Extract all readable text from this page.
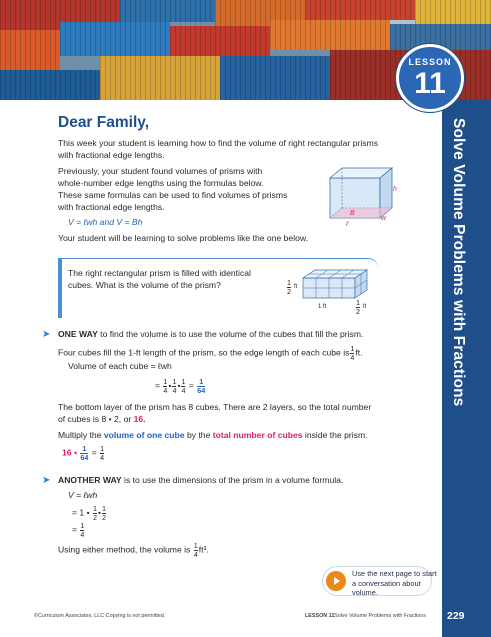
Solve Volume Problems with Fractions
LESSON
11
Dear Family,
This week your student is learning how to find the volume of right rectangular prisms with fractional edge lengths.
Previously, your student found volumes of prisms with
whole-number edge lengths using the formulas below.
These same formulas can be used to find volumes of prisms
with fractional edge lengths.
V = ℓwh and V = Bh
Your student will be learning to solve problems like the one below.
h
B
w
ℓ
The right rectangular prism is filled with identical
cubes. What is the volume of the prism?	$\frac{1}{2}$ ft
1 ft	$\frac{1}{2}$ ft
➤ ONE WAY to find the volume is to use the volume of the cubes that fill the prism.
Four cubes fill the 1-ft length of the prism, so the edge length of each cube is $\frac{1}{4}$ ft.
Volume of each cube = ℓwh
= $\frac{1}{4}$ • $\frac{1}{4}$ • $\frac{1}{4} = \frac{1}{64}$
The bottom layer of the prism has 8 cubes. There are 2 layers, so the total number
of cubes is 8 • 2, or 16.
Multiply the volume of one cube by the total number of cubes inside the prism.
16 • $\frac{1}{64} = \frac{1}{4}$
➤ ANOTHER WAY is to use the dimensions of the prism in a volume formula.
V = ℓwh
= 1 • $\frac{1}{2}$ • $\frac{1}{2}$
= $\frac{1}{4}$
Using either method, the volume is $\frac{1}{4} ft^3$.
Use the next page to start a conversation about volume.
©Curriculum Associates, LLC Copying is not permitted.	LESSON 11 Solve Volume Problems with Fractions 229
